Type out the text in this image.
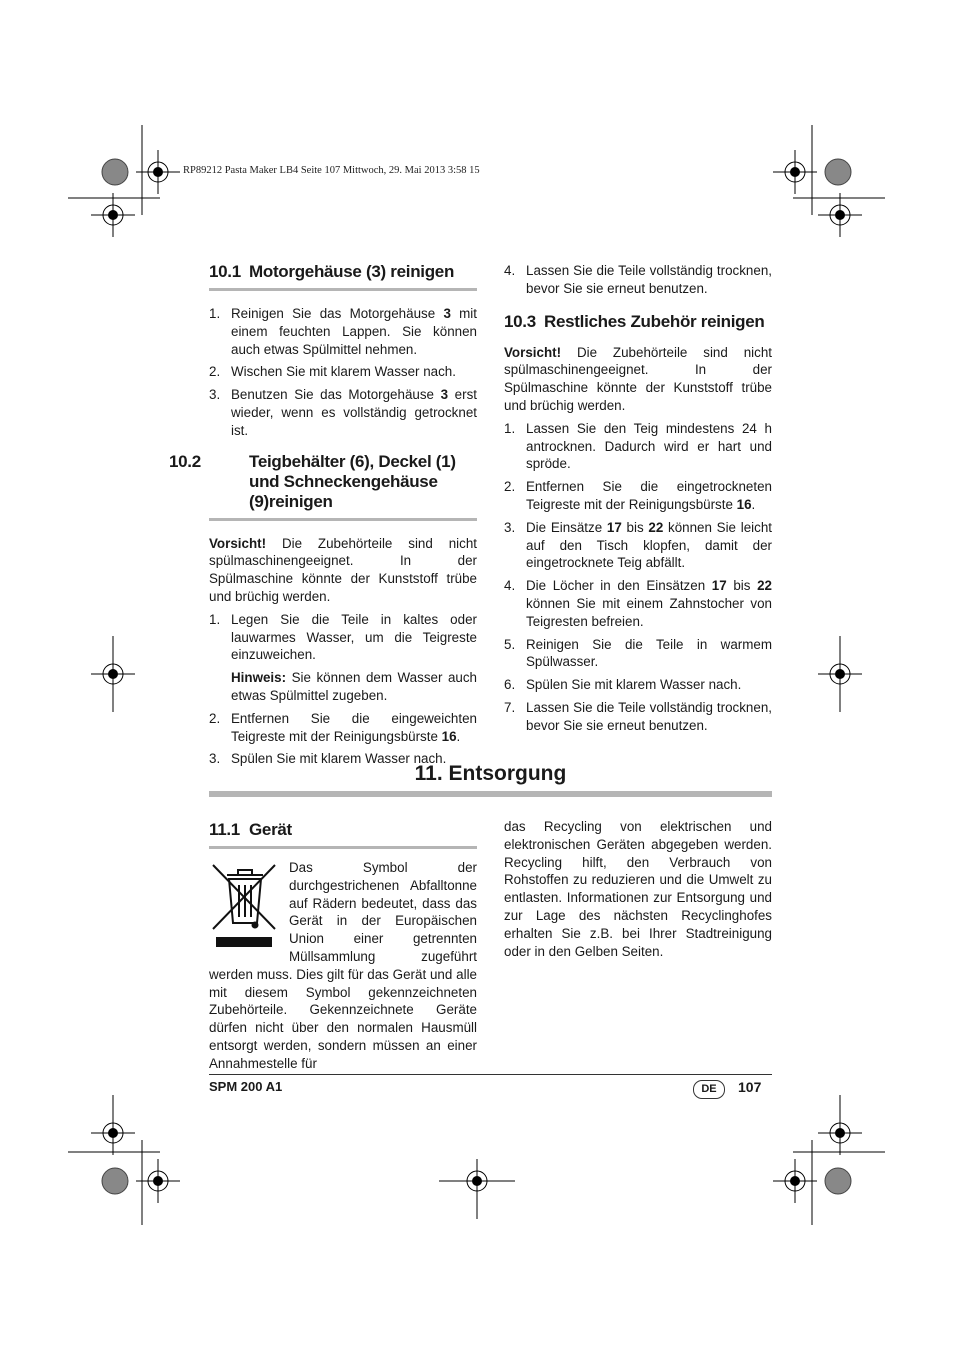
RP89212 Pasta Maker LB4 Seite 107 Mittwoch, 29. Mai 2013 3:58 15
10.1 Motorgehäuse (3) reinigen
1. Reinigen Sie das Motorgehäuse 3 mit einem feuchten Lappen. Sie können auch etwas Spülmittel nehmen.
2. Wischen Sie mit klarem Wasser nach.
3. Benutzen Sie das Motorgehäuse 3 erst wieder, wenn es vollständig getrocknet ist.
10.2	Teigbehälter (6), Deckel (1) und Schneckengehäuse (9)reinigen

Vorsicht! Die Zubehörteile sind nicht spülmaschinengeeignet. In der Spülmaschine könnte der Kunststoff trübe und brüchig werden.

1. Legen Sie die Teile in kaltes oder lauwarmes Wasser, um die Teigreste einzuweichen.

Hinweis: Sie können dem Wasser auch etwas Spülmittel zugeben.

2. Entfernen Sie die eingeweichten Teigreste mit der Reinigungsbürste 16.
3. Spülen Sie mit klarem Wasser nach.
4. Lassen Sie die Teile vollständig trocknen, bevor Sie sie erneut benutzen.
10.3 Restliches Zubehör reinigen

Vorsicht! Die Zubehörteile sind nicht spülmaschinengeeignet. In der Spülmaschine könnte der Kunststoff trübe und brüchig werden.

1. Lassen Sie den Teig mindestens 24 h antrocknen. Dadurch wird er hart und spröde.
2. Entfernen Sie die eingetrockneten Teigreste mit der Reinigungsbürste 16.
3. Die Einsätze 17 bis 22 können Sie leicht auf den Tisch klopfen, damit der eingetrocknete Teig abfällt.
4. Die Löcher in den Einsätzen 17 bis 22 können Sie mit einem Zahnstocher von Teigresten befreien.
5. Reinigen Sie die Teile in warmem Spülwasser.
6. Spülen Sie mit klarem Wasser nach.
7. Lassen Sie die Teile vollständig trocknen, bevor Sie sie erneut benutzen.
11. Entsorgung
11.1 Gerät

Das Symbol der durchgestrichenen Abfalltonne auf Rädern bedeutet, dass das Gerät in der Europäischen Union einer getrennten Müllsammlung zugeführt werden muss. Dies gilt für das Gerät und alle mit diesem Symbol gekennzeichneten Zubehörteile. Gekennzeichnete Geräte dürfen nicht über den normalen Hausmüll entsorgt werden, sondern müssen an einer Annahmestelle für

das Recycling von elektrischen und elektronischen Geräten abgegeben werden. Recycling hilft, den Verbrauch von Rohstoffen zu reduzieren und die Umwelt zu entlasten. Informationen zur Entsorgung und zur Lage des nächsten Recyclinghofes erhalten Sie z.B. bei Ihrer Stadtreinigung oder in den Gelben Seiten.

SPM 200 A1	DE	107
